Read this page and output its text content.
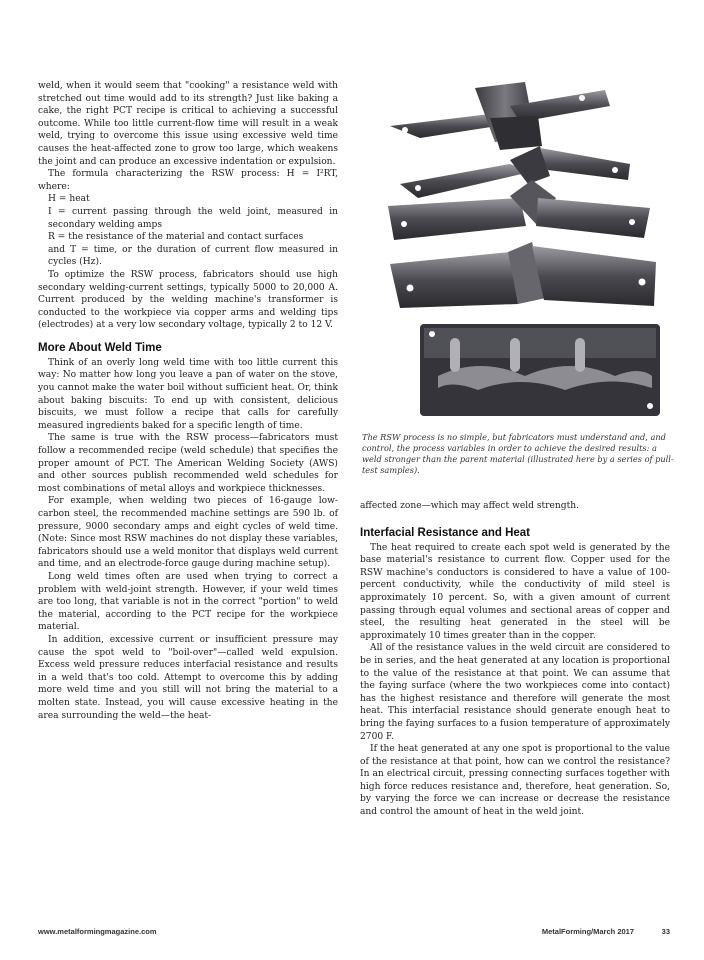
weld, when it would seem that "cooking" a resistance weld with stretched out time would add to its strength? Just like baking a cake, the right PCT recipe is critical to achieving a successful outcome. While too little current-flow time will result in a weak weld, trying to overcome this issue using excessive weld time causes the heat-affected zone to grow too large, which weakens the joint and can produce an excessive indentation or expulsion.

The formula characterizing the RSW process: H = I²RT, where:

H = heat

I = current passing through the weld joint, measured in secondary welding amps

R = the resistance of the material and contact surfaces

and T = time, or the duration of current flow measured in cycles (Hz).

To optimize the RSW process, fabricators should use high secondary welding-current settings, typically 5000 to 20,000 A. Current produced by the welding machine's transformer is conducted to the workpiece via copper arms and welding tips (electrodes) at a very low secondary voltage, typically 2 to 12 V.

More About Weld Time

Think of an overly long weld time with too little current this way: No matter how long you leave a pan of water on the stove, you cannot make the water boil without sufficient heat. Or, think about baking biscuits: To end up with consistent, delicious biscuits, we must follow a recipe that calls for carefully measured ingredients baked for a specific length of time.

The same is true with the RSW process—fabricators must follow a recommended recipe (weld schedule) that specifies the proper amount of PCT. The American Welding Society (AWS) and other sources publish recommended weld schedules for most combinations of metal alloys and workpiece thicknesses.

For example, when welding two pieces of 16-gauge low-carbon steel, the recommended machine settings are 590 lb. of pressure, 9000 secondary amps and eight cycles of weld time. (Note: Since most RSW machines do not display these variables, fabricators should use a weld monitor that displays weld current and time, and an electrode-force gauge during machine setup).

Long weld times often are used when trying to correct a problem with weld-joint strength. However, if your weld times are too long, that variable is not in the correct "portion" to weld the material, according to the PCT recipe for the workpiece material.

In addition, excessive current or insufficient pressure may cause the spot weld to "boil-over"—called weld expulsion. Excess weld pressure reduces interfacial resistance and results in a weld that's too cold. Attempt to overcome this by adding more weld time and you still will not bring the material to a molten state. Instead, you will cause excessive heating in the area surrounding the weld—the heat-

The RSW process is no simple, but fabricators must understand and, and control, the process variables in order to achieve the desired results: a weld stronger than the parent material (illustrated here by a series of pull-test samples).

affected zone—which may affect weld strength.

Interfacial Resistance and Heat

The heat required to create each spot weld is generated by the base material's resistance to current flow. Copper used for the RSW machine's conductors is considered to have a value of 100-percent conductivity, while the conductivity of mild steel is approximately 10 percent. So, with a given amount of current passing through equal volumes and sectional areas of copper and steel, the resulting heat generated in the steel will be approximately 10 times greater than in the copper.

All of the resistance values in the weld circuit are considered to be in series, and the heat generated at any location is proportional to the value of the resistance at that point. We can assume that the faying surface (where the two workpieces come into contact) has the highest resistance and therefore will generate the most heat. This interfacial resistance should generate enough heat to bring the faying surfaces to a fusion temperature of approximately 2700 F.

If the heat generated at any one spot is proportional to the value of the resistance at that point, how can we control the resistance? In an electrical circuit, pressing connecting surfaces together with high force reduces resistance and, therefore, heat generation. So, by varying the force we can increase or decrease the resistance and control the amount of heat in the weld joint.

www.metalformingmagazine.com	MetalForming/March 2017	33
